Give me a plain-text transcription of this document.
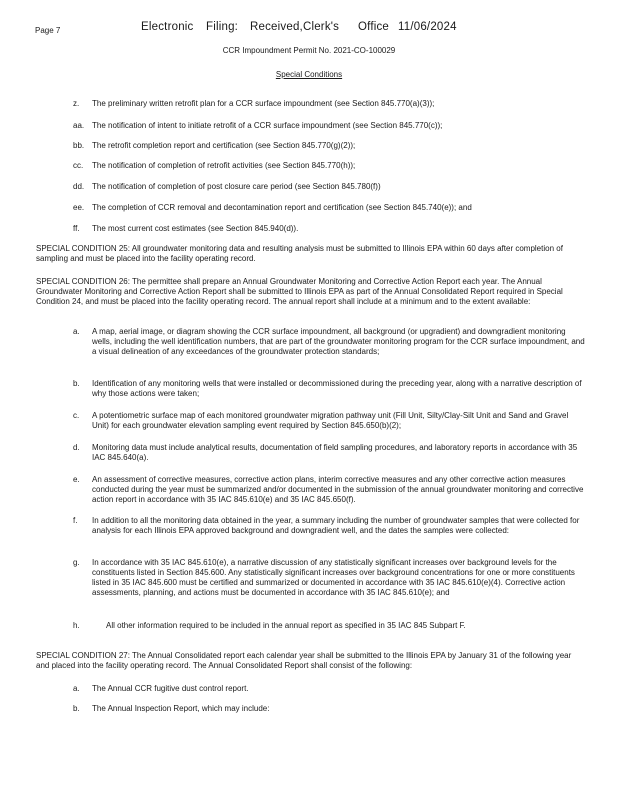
Page 7	Electronic Filing: Received,Clerk's Office 11/06/2024
CCR Impoundment Permit No. 2021-CO-100029
Special Conditions
z. The preliminary written retrofit plan for a CCR surface impoundment (see Section 845.770(a)(3));
aa. The notification of intent to initiate retrofit of a CCR surface impoundment (see Section 845.770(c));
bb. The retrofit completion report and certification (see Section 845.770(g)(2));
cc. The notification of completion of retrofit activities (see Section 845.770(h));
dd. The notification of completion of post closure care period (see Section 845.780(f))
ee. The completion of CCR removal and decontamination report and certification (see Section 845.740(e)); and
ff. The most current cost estimates (see Section 845.940(d)).
SPECIAL CONDITION 25: All groundwater monitoring data and resulting analysis must be submitted to Illinois EPA within 60 days after completion of sampling and must be placed into the facility operating record.
SPECIAL CONDITION 26: The permittee shall prepare an Annual Groundwater Monitoring and Corrective Action Report each year. The Annual Groundwater Monitoring and Corrective Action Report shall be submitted to Illinois EPA as part of the Annual Consolidated Report required in Special Condition 24, and must be placed into the facility operating record. The annual report shall include at a minimum and to the extent available:
a. A map, aerial image, or diagram showing the CCR surface impoundment, all background (or upgradient) and downgradient monitoring wells, including the well identification numbers, that are part of the groundwater monitoring program for the CCR surface impoundment, and a visual delineation of any exceedances of the groundwater protection standards;
b. Identification of any monitoring wells that were installed or decommissioned during the preceding year, along with a narrative description of why those actions were taken;
c. A potentiometric surface map of each monitored groundwater migration pathway unit (Fill Unit, Silty/Clay-Silt Unit and Sand and Gravel Unit) for each groundwater elevation sampling event required by Section 845.650(b)(2);
d. Monitoring data must include analytical results, documentation of field sampling procedures, and laboratory reports in accordance with 35 IAC 845.640(a).
e. An assessment of corrective measures, corrective action plans, interim corrective measures and any other corrective action measures conducted during the year must be summarized and/or documented in the submission of the annual groundwater monitoring and corrective action report in accordance with 35 IAC 845.610(e) and 35 IAC 845.650(f).
f. In addition to all the monitoring data obtained in the year, a summary including the number of groundwater samples that were collected for analysis for each Illinois EPA approved background and downgradient well, and the dates the samples were collected:
g. In accordance with 35 IAC 845.610(e), a narrative discussion of any statistically significant increases over background levels for the constituents listed in Section 845.600. Any statistically significant increases over background concentrations for one or more constituents listed in 35 IAC 845.600 must be certified and summarized or documented in accordance with 35 IAC 845.610(e)(4). Corrective action assessments, planning, and actions must be documented in accordance with 35 IAC 845.610(e); and
h.	All other information required to be included in the annual report as specified in 35 IAC 845 Subpart F.
SPECIAL CONDITION 27: The Annual Consolidated report each calendar year shall be submitted to the Illinois EPA by January 31 of the following year and placed into the facility operating record. The Annual Consolidated Report shall consist of the following:
a. The Annual CCR fugitive dust control report.
b. The Annual Inspection Report, which may include:
